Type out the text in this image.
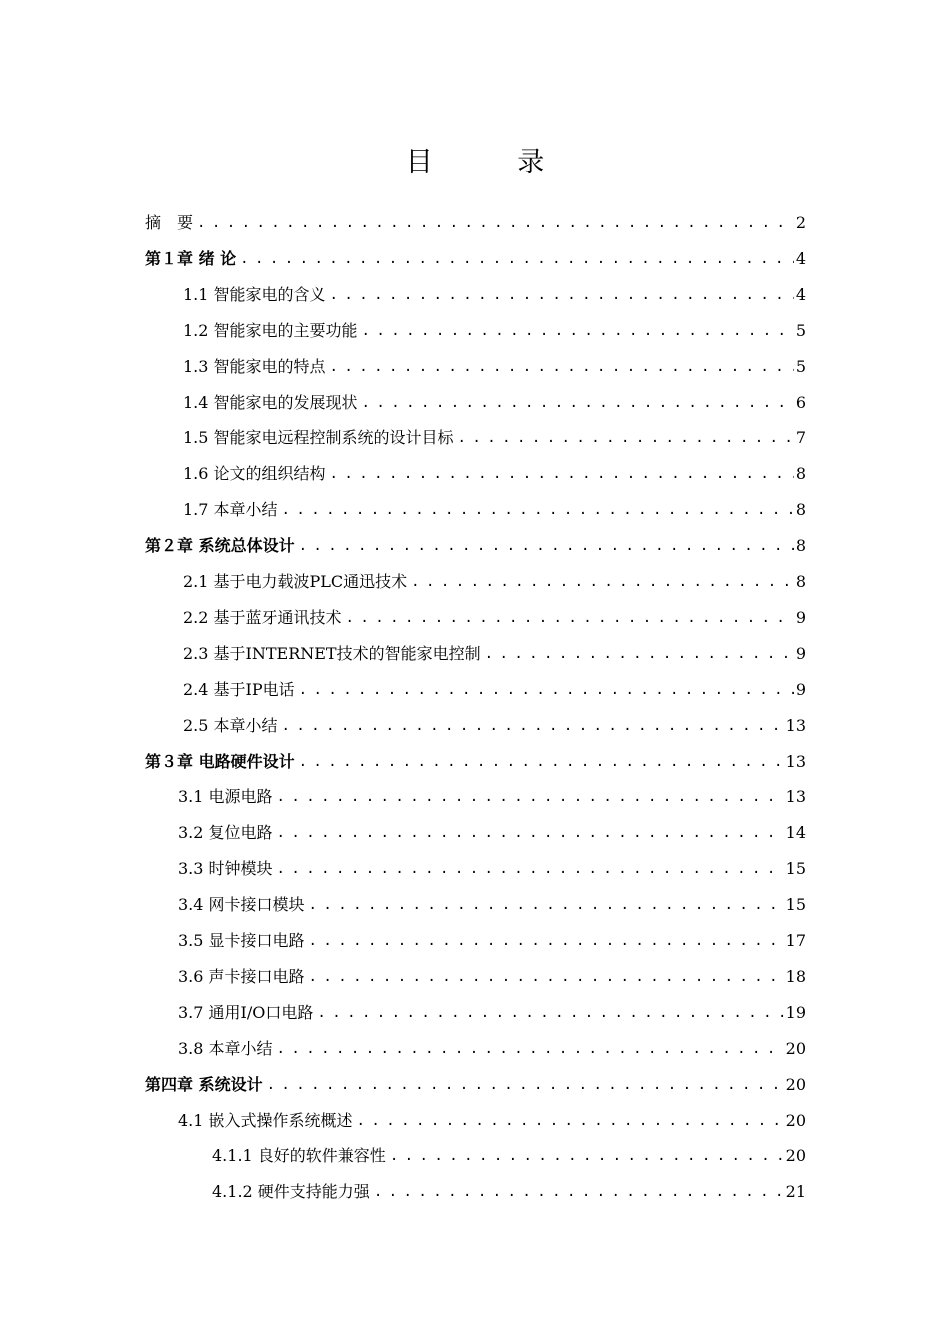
目 录
摘　要 . . .	2
第１章 绪 论 . . .	4
1.1 智能家电的含义 . . .	4
1.2 智能家电的主要功能 . . .	5
1.3 智能家电的特点 . . .	5
1.4 智能家电的发展现状 . . .	6
1.5 智能家电远程控制系统的设计目标 . . .	7
1.6 论文的组织结构 . . .	8
1.7 本章小结 . . .	8
第２章 系统总体设计 . . .	8
2.1 基于电力载波PLC通迅技术 . . .	8
2.2 基于蓝牙通讯技术 . . .	9
2.3 基于INTERNET技术的智能家电控制 . . .	9
2.4 基于IP电话 . . .	9
2.5 本章小结 . . .	13
第３章 电路硬件设计 . . .	13
3.1 电源电路 . . .	13
3.2 复位电路 . . .	14
3.3 时钟模块 . . .	15
3.4 网卡接口模块 . . .	15
3.5 显卡接口电路 . . .	17
3.6 声卡接口电路 . . .	18
3.7 通用I/O口电路 . . .	19
3.8 本章小结 . . .	20
第四章 系统设计 . . .	20
4.1 嵌入式操作系统概述 . . .	20
4.1.1 良好的软件兼容性 . . .	20
4.1.2 硬件支持能力强 . . .	21
